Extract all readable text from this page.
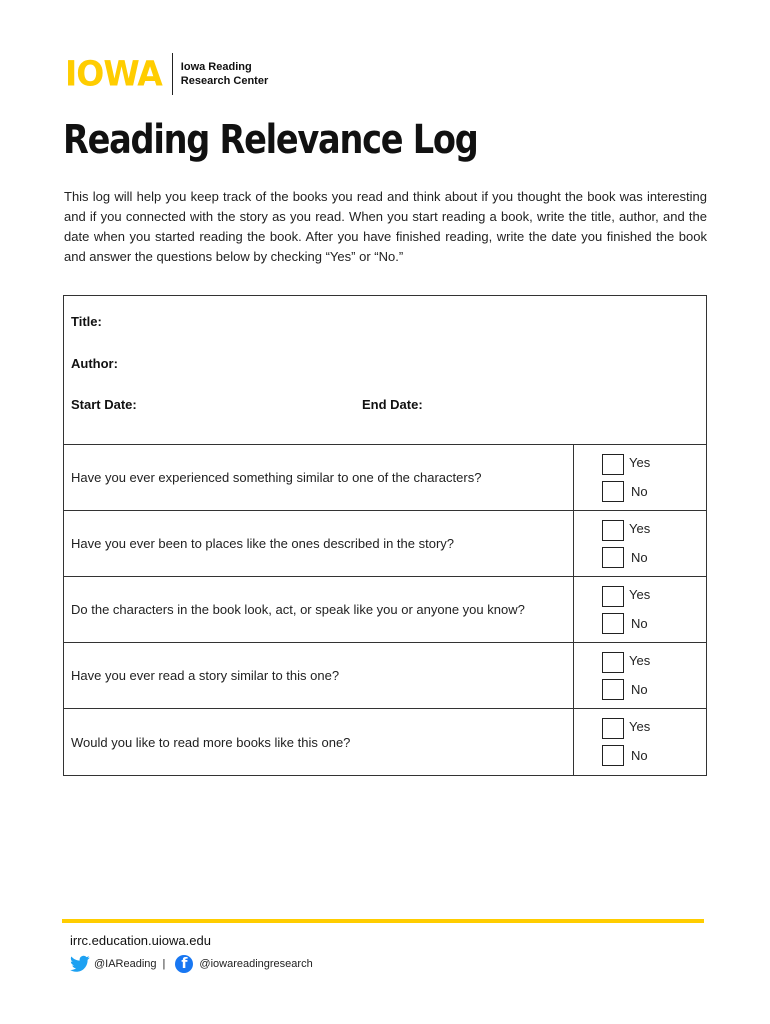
IOWA Iowa Reading
Research Center
Reading Relevance Log

This log will help you keep track of the books you read and think about if you thought the book was interesting and if you connected with the story as you read. When you start reading a book, write the title, author, and the date when you started reading the book. After you have finished reading, write the date you finished the book and answer the questions below by checking “Yes” or “No.”

Title:
Author:
Start Date:	End Date:
Have you ever experienced something similar to one of the characters?
Yes
No
Have you ever been to places like the ones described in the story?
Yes
No
Do the characters in the book look, act, or speak like you or anyone you know?
Yes
No
Have you ever read a story similar to this one?
Yes
No
Would you like to read more books like this one?
Yes
No
irrc.education.uiowa.edu
@IAReading |	f	@iowareadingresearch
